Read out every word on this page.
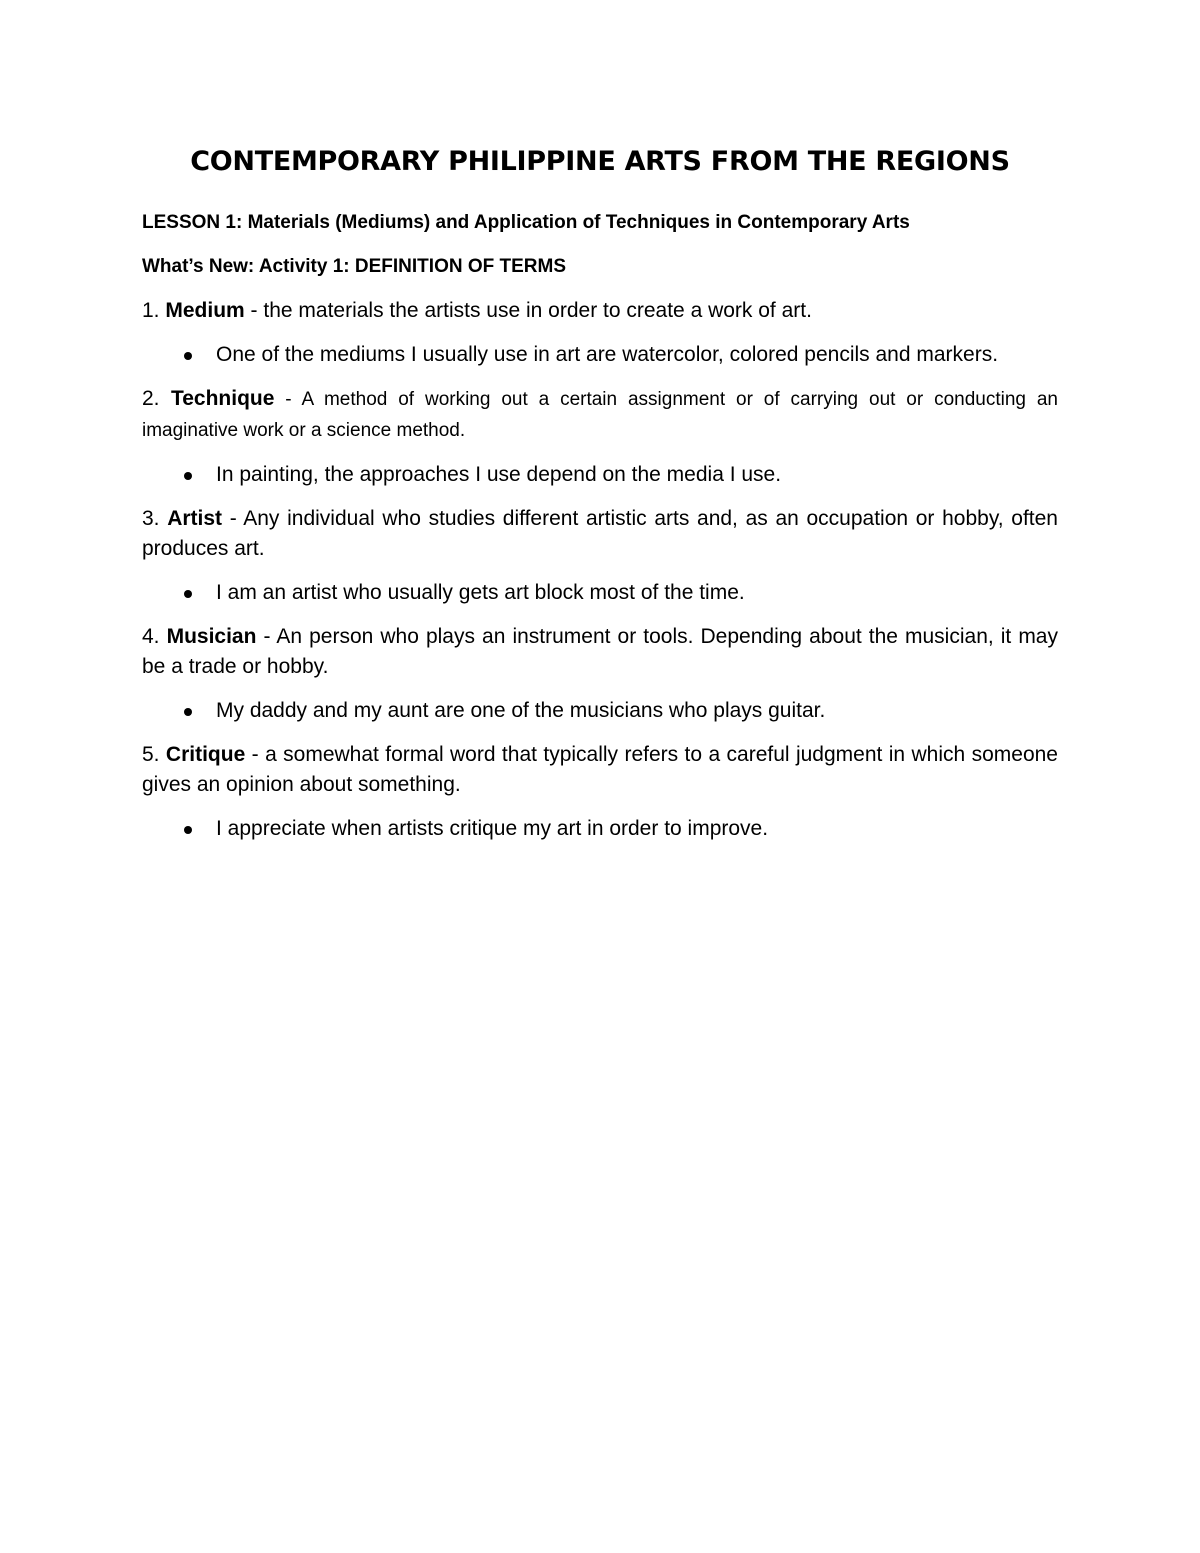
CONTEMPORARY PHILIPPINE ARTS FROM THE REGIONS

LESSON 1: Materials (Mediums) and Application of Techniques in Contemporary Arts

What’s New: Activity 1: DEFINITION OF TERMS

1. Medium - the materials the artists use in order to create a work of art.

One of the mediums I usually use in art are watercolor, colored pencils and markers.

2. Technique - A method of working out a certain assignment or of carrying out or conducting an imaginative work or a science method.

In painting, the approaches I use depend on the media I use.

3. Artist - Any individual who studies different artistic arts and, as an occupation or hobby, often produces art.

I am an artist who usually gets art block most of the time.

4. Musician - An person who plays an instrument or tools. Depending about the musician, it may be a trade or hobby.

My daddy and my aunt are one of the musicians who plays guitar.

5. Critique - a somewhat formal word that typically refers to a careful judgment in which someone gives an opinion about something.

I appreciate when artists critique my art in order to improve.
